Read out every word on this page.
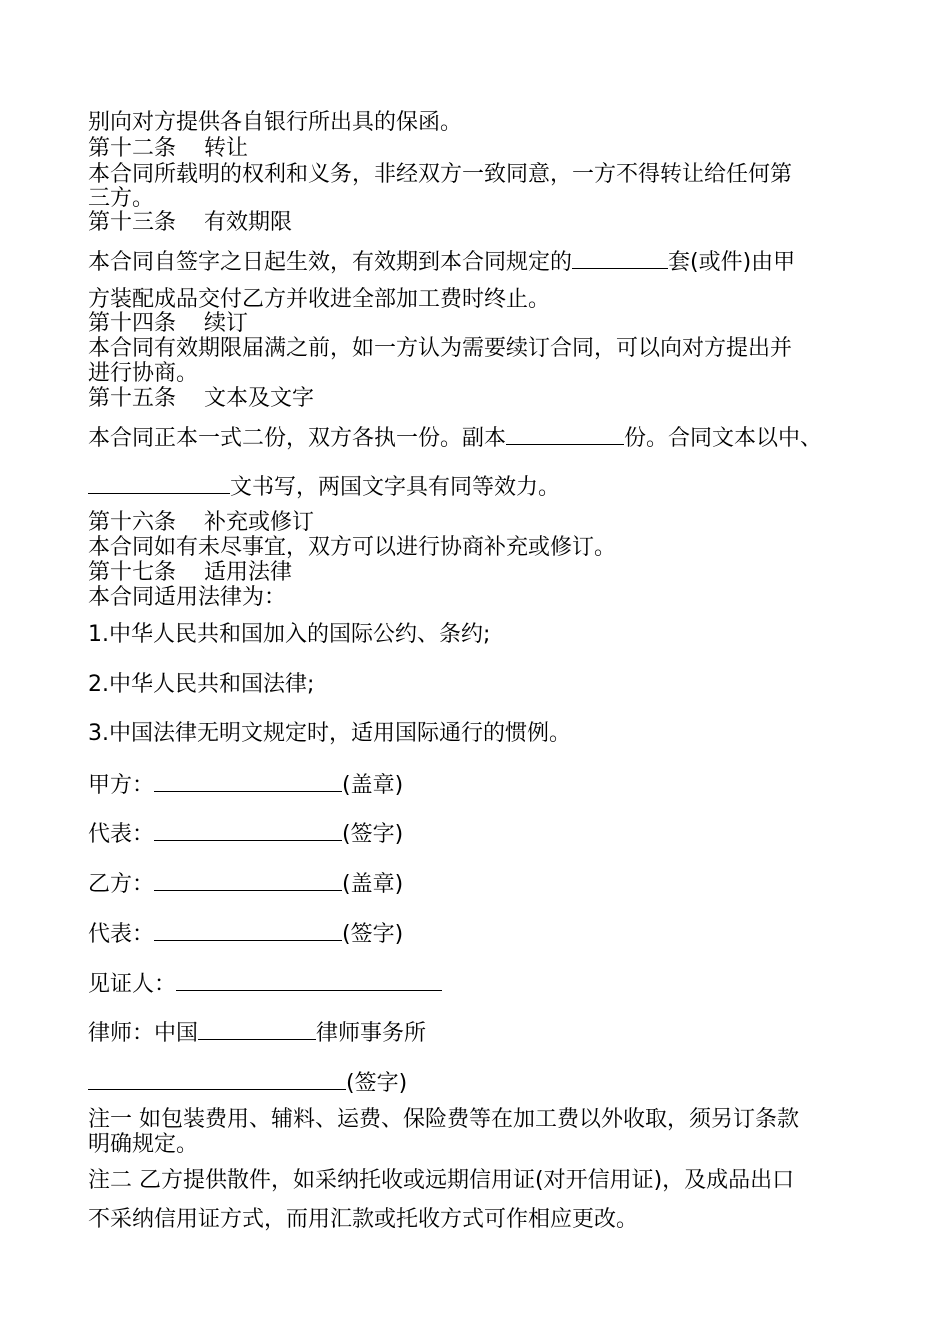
别向对方提供各自银行所出具的保函。
第十二条 转让
本合同所载明的权利和义务，非经双方一致同意，一方不得转让给任何第
三方。
第十三条 有效期限
本合同自签字之日起生效，有效期到本合同规定的	套(或件)由甲
方装配成品交付乙方并收进全部加工费时终止。
第十四条 续订
本合同有效期限届满之前，如一方认为需要续订合同，可以向对方提出并
进行协商。
第十五条 文本及文字
本合同正本一式二份，双方各执一份。副本	份。合同文本以中、
文书写，两国文字具有同等效力。
第十六条 补充或修订
本合同如有未尽事宜，双方可以进行协商补充或修订。
第十七条 适用法律
本合同适用法律为：
1.中华人民共和国加入的国际公约、条约;
2.中华人民共和国法律;
3.中国法律无明文规定时，适用国际通行的惯例。
甲方：	(盖章)
代表：	(签字)
乙方：	(盖章)
代表：	(签字)
见证人：
律师：中国	律师事务所
(签字)
注一 如包装费用、辅料、运费、保险费等在加工费以外收取，须另订条款
明确规定。
注二 乙方提供散件，如采纳托收或远期信用证(对开信用证)，及成品出口
不采纳信用证方式，而用汇款或托收方式可作相应更改。
